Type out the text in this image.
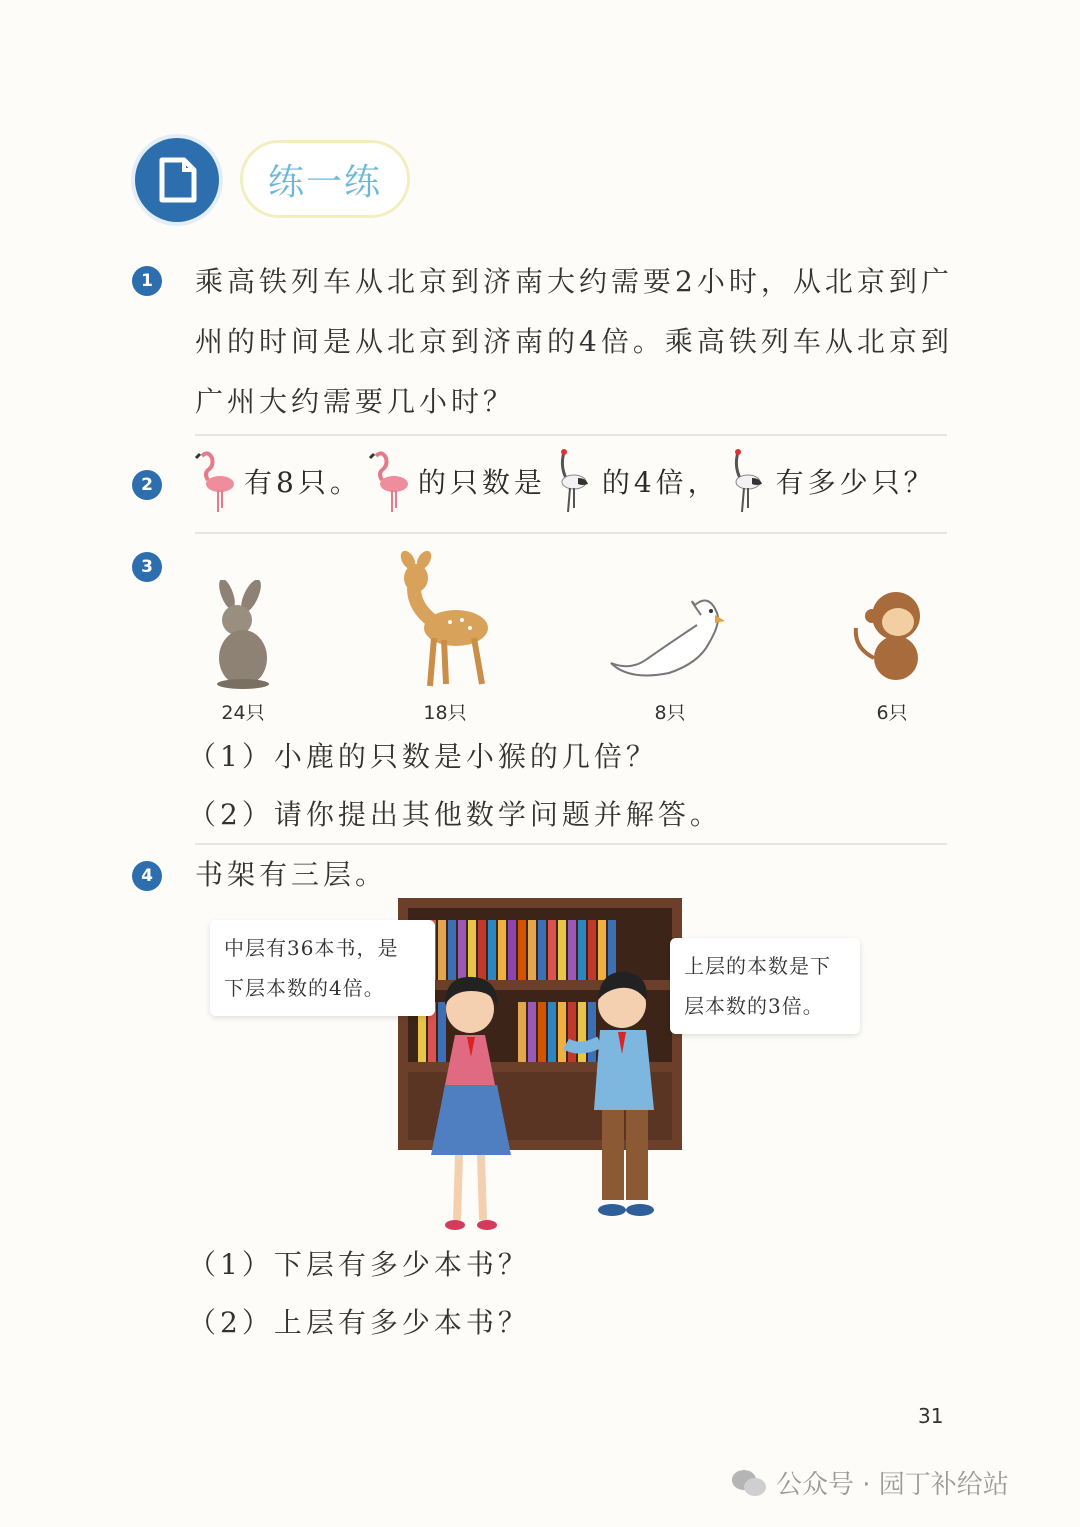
练一练
1	乘高铁列车从北京到济南大约需要2小时，从北京到广
州的时间是从北京到济南的4倍。乘高铁列车从北京到
广州大约需要几小时？
2	有8只。 的只数是 的4倍， 有多少只？
3
24只	18只	8只	6只
（1）小鹿的只数是小猴的几倍？
（2）请你提出其他数学问题并解答。
4	书架有三层。
中层有36本书，是
下层本数的4倍。
上层的本数是下
层本数的3倍。
（1）下层有多少本书？
（2）上层有多少本书？
31
公众号 · 园丁补给站
